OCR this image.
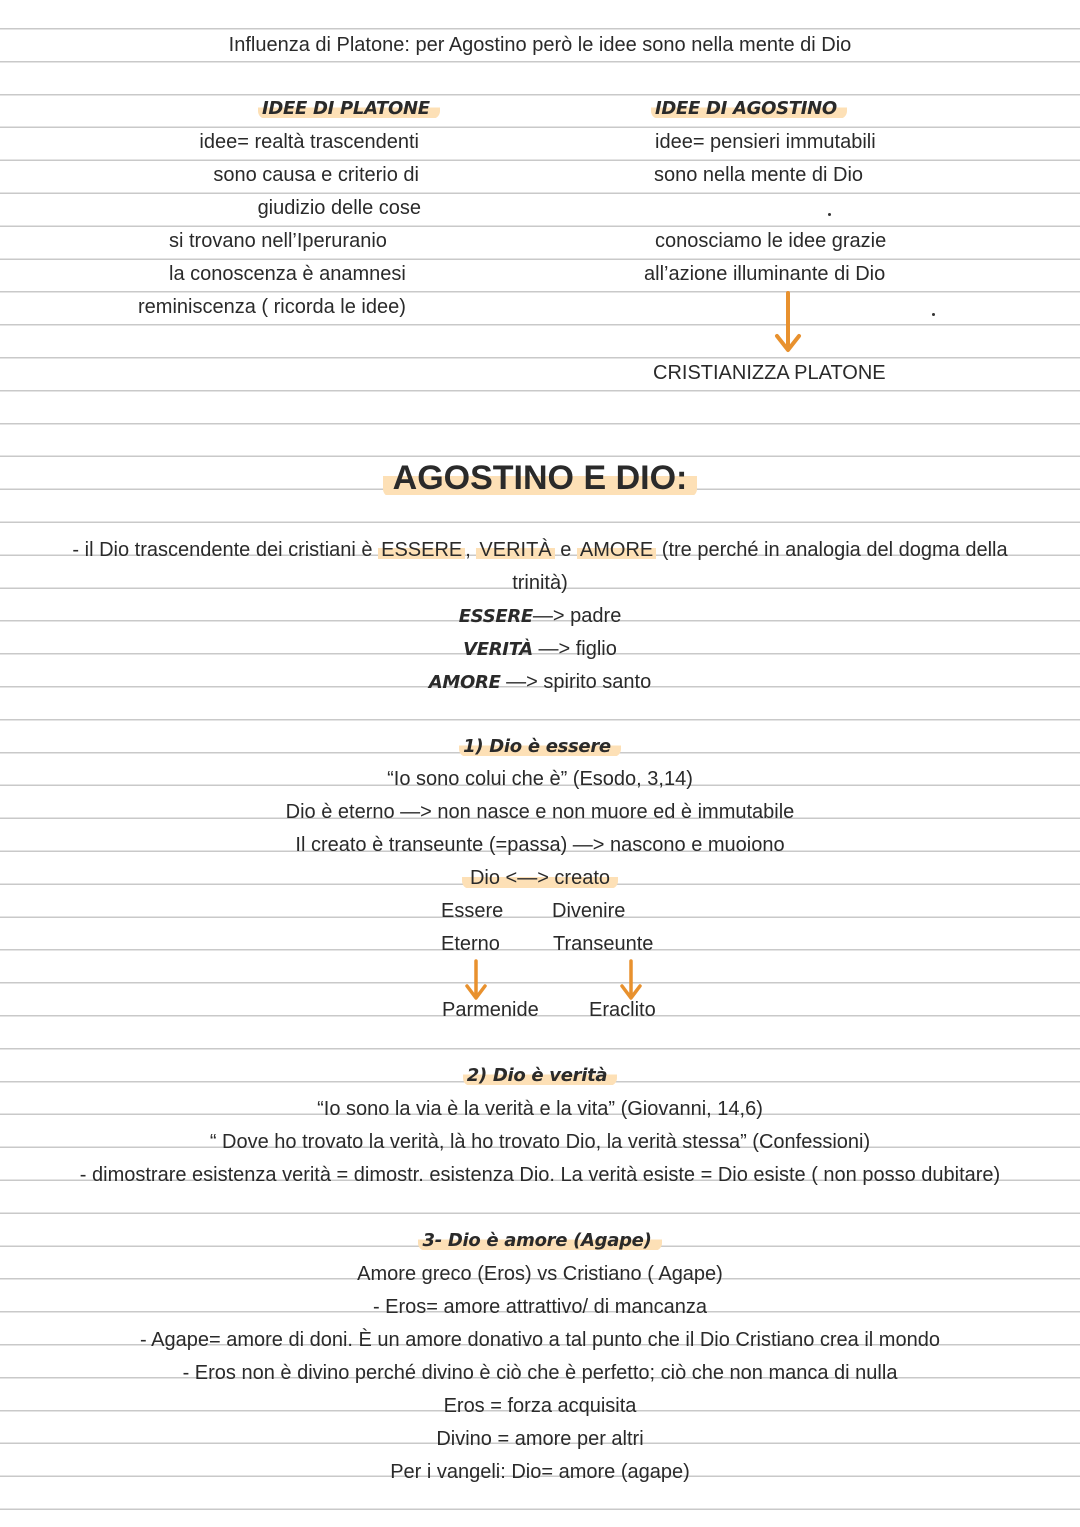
Influenza di Platone: per Agostino però le idee sono nella mente di Dio
IDEE DI PLATONE
idee= realtà trascendenti
sono causa e criterio di
giudizio delle cose
si trovano nell’Iperuranio
la conoscenza è anamnesi
reminiscenza ( ricorda le idee)
IDEE DI AGOSTINO
idee= pensieri immutabili
sono nella mente di Dio
conosciamo le idee grazie
all’azione illuminante di Dio
CRISTIANIZZA PLATONE
AGOSTINO E DIO:
- il Dio trascendente dei cristiani è ESSERE , VERITÀ e AMORE (tre perché in analogia del dogma della
trinità)
ESSERE—> padre
VERITÀ —> figlio
AMORE —> spirito santo
1) Dio è essere
“Io sono colui che è” (Esodo, 3,14)
Dio è eterno —> non nasce e non muore ed è immutabile
Il creato è transeunte (=passa) —> nascono e muoiono
Dio <—> creato
Essere Divenire
Eterno	Transeunte
Parmenide	Eraclito
2) Dio è verità
“Io sono la via è la verità e la vita” (Giovanni, 14,6)
“ Dove ho trovato la verità, là ho trovato Dio, la verità stessa” (Confessioni)
- dimostrare esistenza verità = dimostr. esistenza Dio. La verità esiste = Dio esiste ( non posso dubitare)
3- Dio è amore (Agape)
Amore greco (Eros) vs Cristiano ( Agape)
- Eros= amore attrattivo/ di mancanza
- Agape= amore di doni. È un amore donativo a tal punto che il Dio Cristiano crea il mondo
- Eros non è divino perché divino è ciò che è perfetto; ciò che non manca di nulla
Eros = forza acquisita
Divino = amore per altri
Per i vangeli: Dio= amore (agape)
